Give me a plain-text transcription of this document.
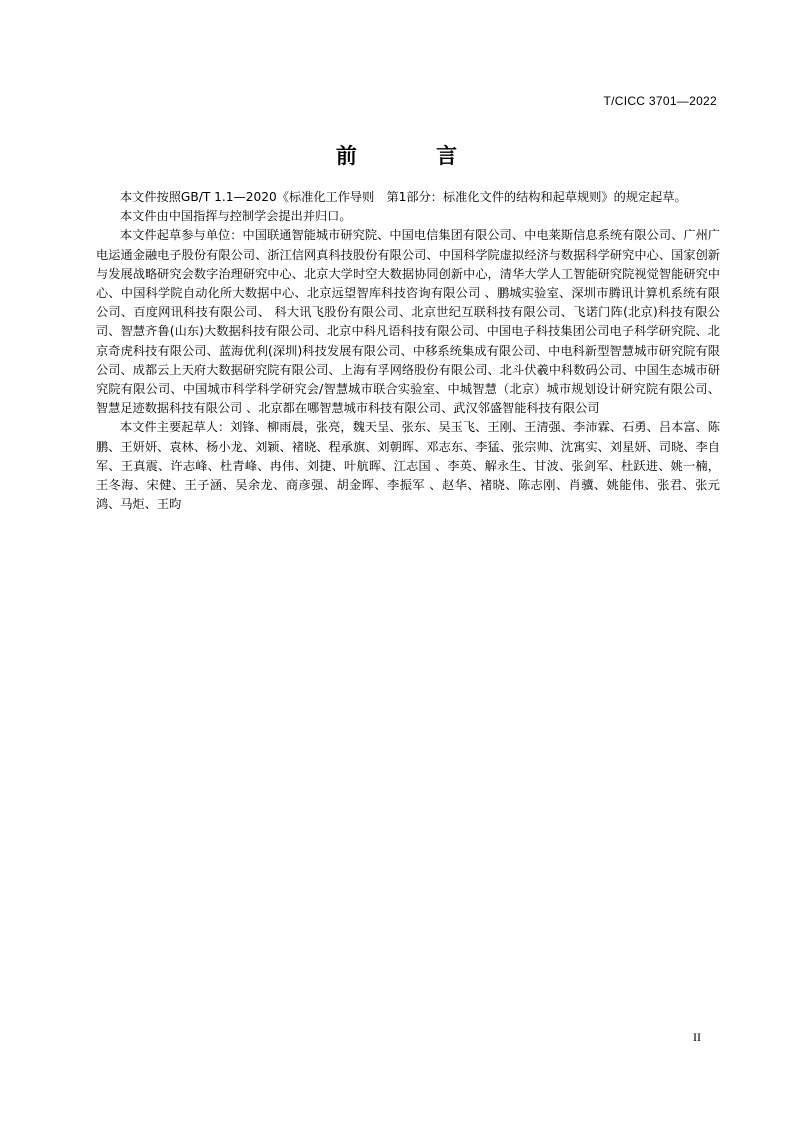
T/CICC 3701—2022
前 言

本文件按照GB/T 1.1—2020《标准化工作导则　第1部分：标准化文件的结构和起草规则》的规定起草。

本文件由中国指挥与控制学会提出并归口。

本文件起草参与单位：中国联通智能城市研究院、中国电信集团有限公司、中电莱斯信息系统有限公司、广州广电运通金融电子股份有限公司、浙江信网真科技股份有限公司、中国科学院虚拟经济与数据科学研究中心、国家创新与发展战略研究会数字治理研究中心、北京大学时空大数据协同创新中心，清华大学人工智能研究院视觉智能研究中心、中国科学院自动化所大数据中心、北京远望智库科技咨询有限公司 、鹏城实验室、深圳市腾讯计算机系统有限公司、百度网讯科技有限公司、 科大讯飞股份有限公司、北京世纪互联科技有限公司、飞诺门阵(北京)科技有限公司、智慧齐鲁(山东)大数据科技有限公司、北京中科凡语科技有限公司、中国电子科技集团公司电子科学研究院、北京奇虎科技有限公司、蓝海优利(深圳)科技发展有限公司、中移系统集成有限公司、中电科新型智慧城市研究院有限公司、成都云上天府大数据研究院有限公司、上海有孚网络股份有限公司、北斗伏羲中科数码公司、中国生态城市研究院有限公司、中国城市科学科学研究会/智慧城市联合实验室、中城智慧（北京）城市规划设计研究院有限公司、智慧足迹数据科技有限公司 、北京都在哪智慧城市科技有限公司、武汉邻盛智能科技有限公司

本文件主要起草人：刘锋、柳雨晨，张亮，魏天呈、张东、吴玉飞、王刚、王清强、李沛霖、石勇、吕本富、陈鹏、王妍妍、袁林、杨小龙、刘颖、褚晓、程承旗、刘朝晖、邓志东、李猛、张宗帅、沈寓实、刘星妍、司晓、李自军、王真震、许志峰、杜青峰、冉伟、刘捷、叶航晖、江志国 、李英、解永生、甘波、张剑军、杜跃进、姚一楠，王冬海、宋健、王子涵、吴余龙、商彦强、胡金晖、李振军 、赵华、褚晓、陈志刚、肖骥、姚能伟、张君、张元鸿、马炬、王昀

II
